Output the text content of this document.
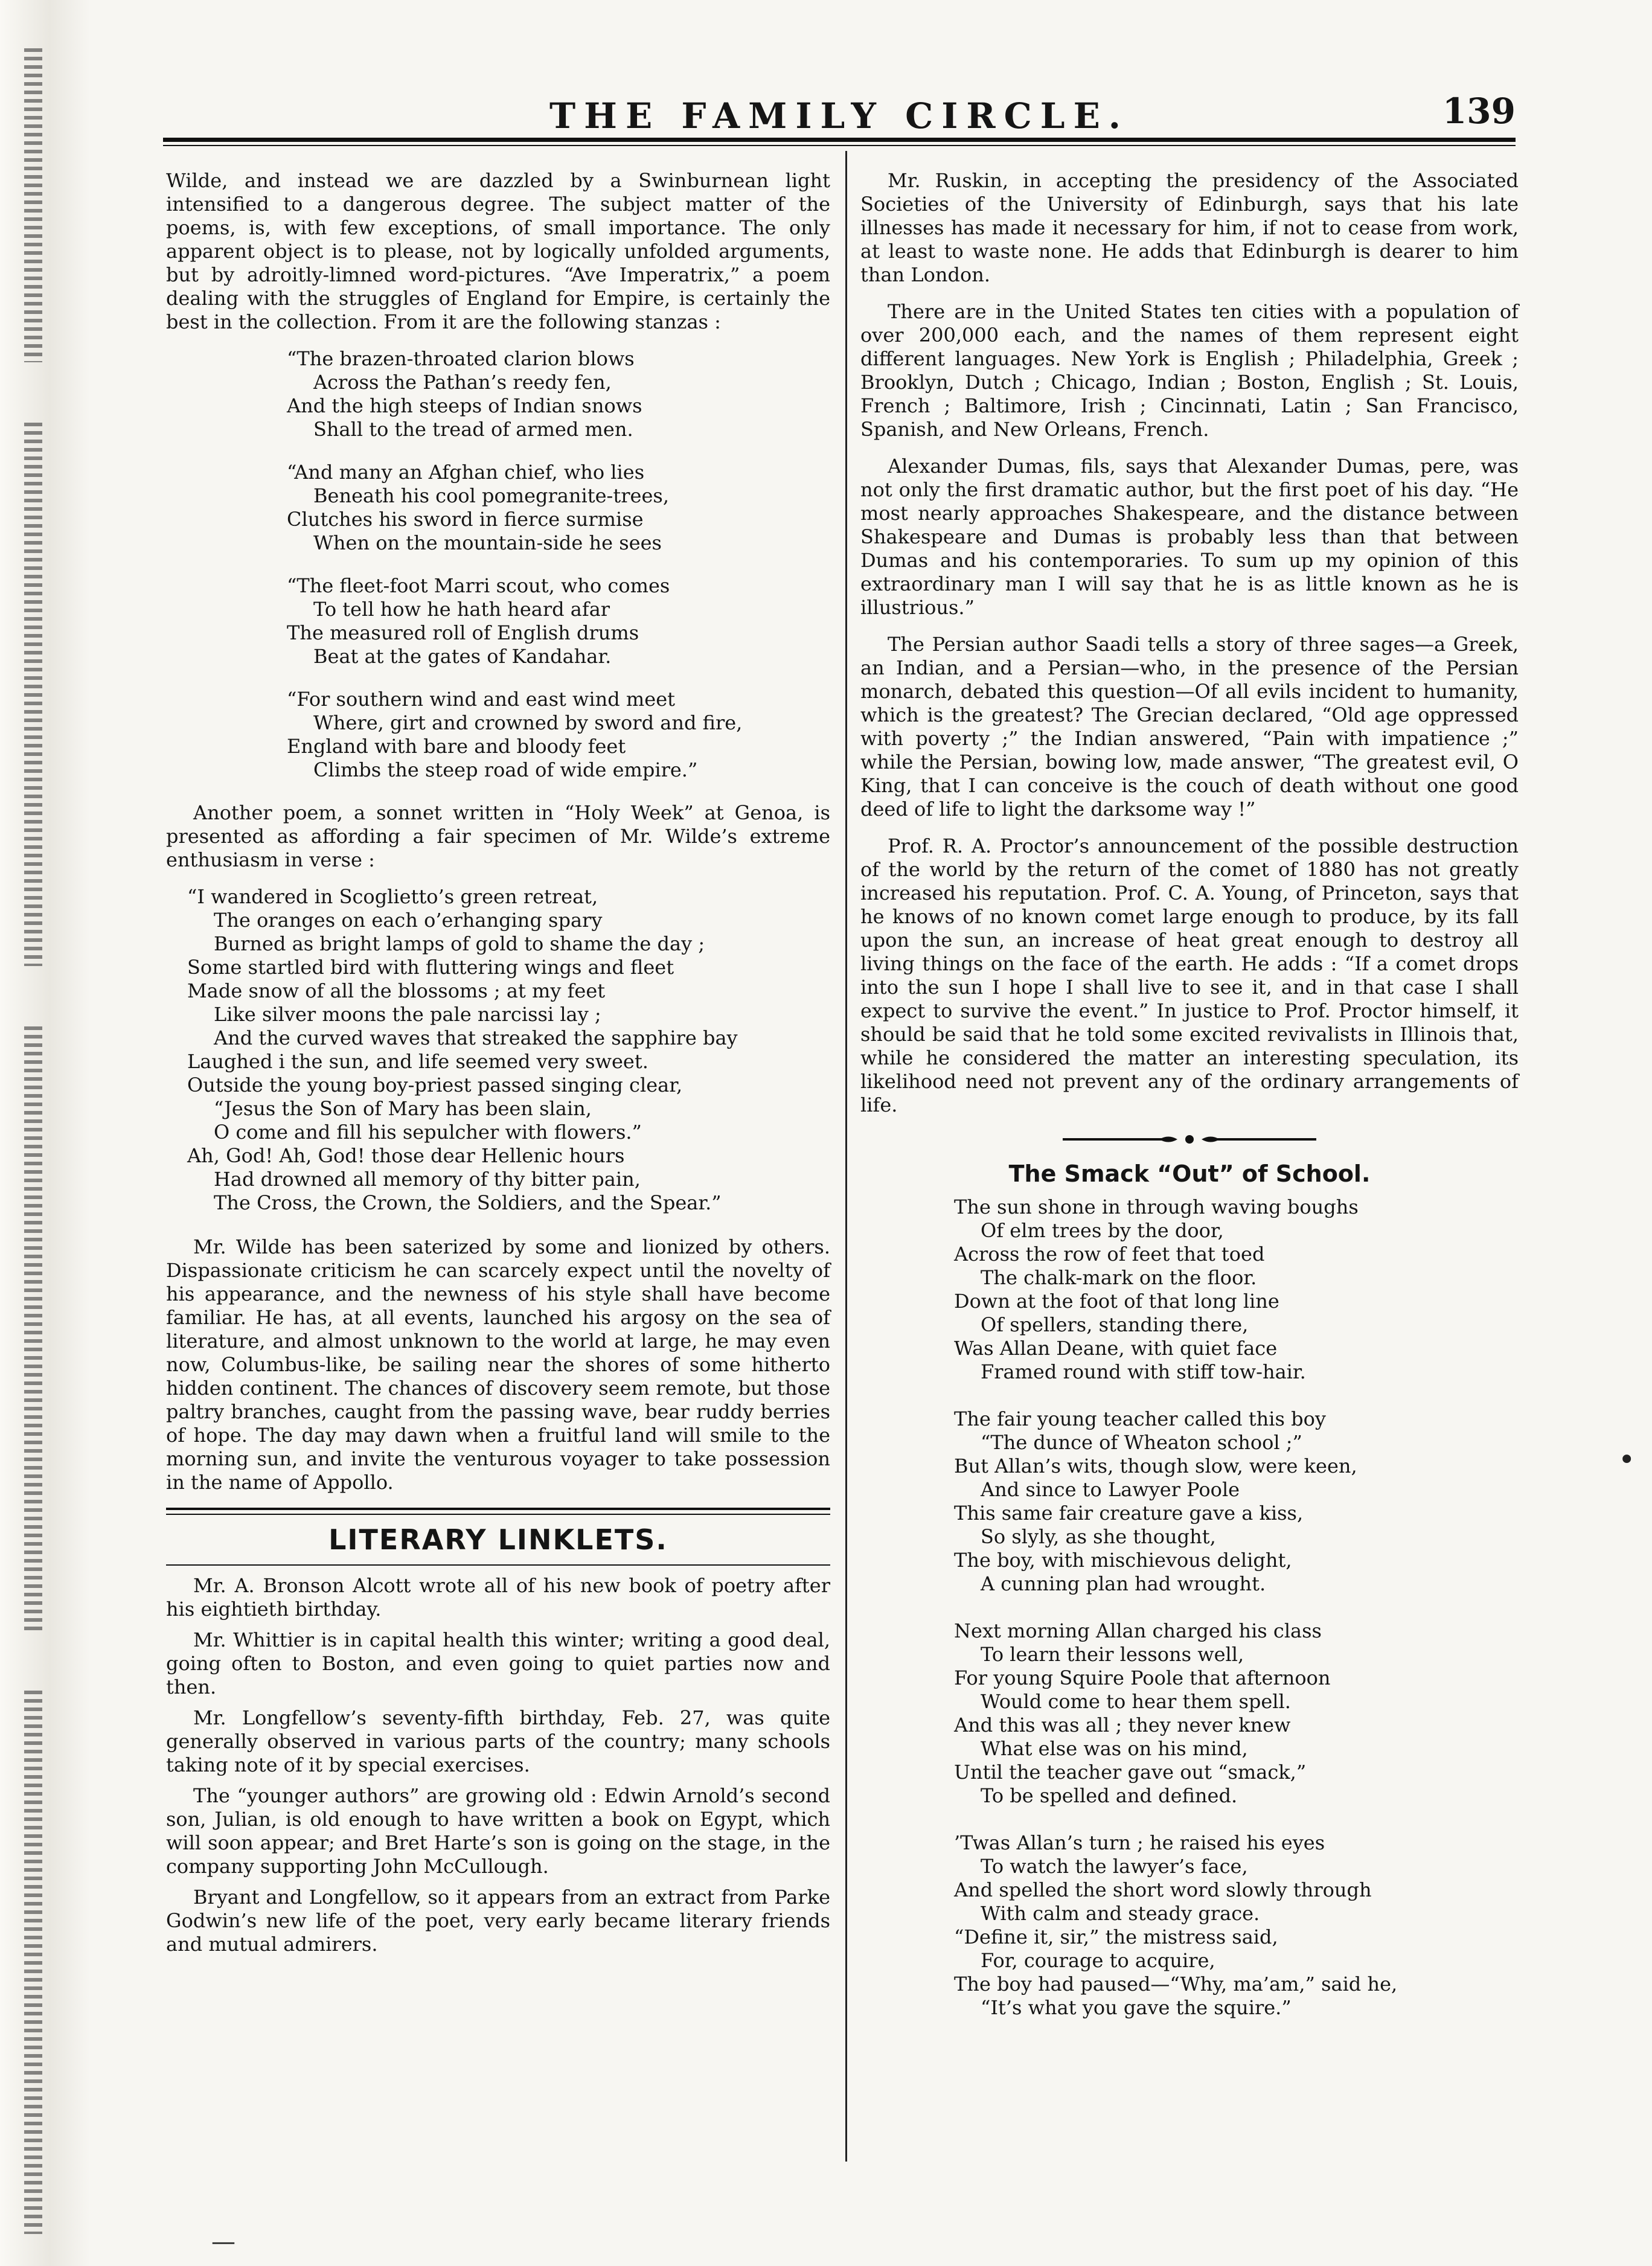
THE FAMILY CIRCLE.	139

Wilde, and instead we are dazzled by a Swinburnean light intensified to a dangerous degree. The subject matter of the poems, is, with few exceptions, of small importance. The only apparent object is to please, not by logically unfolded arguments, but by adroitly-limned word-pictures. “Ave Imperatrix,” a poem dealing with the struggles of England for Empire, is certainly the best in the collection. From it are the following stanzas :

“The brazen-throated clarion blows
Across the Pathan’s reedy fen,
And the high steeps of Indian snows
Shall to the tread of armed men.
“And many an Afghan chief, who lies
Beneath his cool pomegranite-trees,
Clutches his sword in fierce surmise
When on the mountain-side he sees
“The fleet-foot Marri scout, who comes
To tell how he hath heard afar
The measured roll of English drums
Beat at the gates of Kandahar.
“For southern wind and east wind meet
Where, girt and crowned by sword and fire,
England with bare and bloody feet
Climbs the steep road of wide empire.”

Another poem, a sonnet written in “Holy Week” at Genoa, is presented as affording a fair specimen of Mr. Wilde’s extreme enthusiasm in verse :

“I wandered in Scoglietto’s green retreat,
The oranges on each o’erhanging spary
Burned as bright lamps of gold to shame the day ;
Some startled bird with fluttering wings and fleet
Made snow of all the blossoms ; at my feet
Like silver moons the pale narcissi lay ;
And the curved waves that streaked the sapphire bay
Laughed i the sun, and life seemed very sweet.
Outside the young boy-priest passed singing clear,
“Jesus the Son of Mary has been slain,
O come and fill his sepulcher with flowers.”
Ah, God! Ah, God! those dear Hellenic hours
Had drowned all memory of thy bitter pain,
The Cross, the Crown, the Soldiers, and the Spear.”

Mr. Wilde has been saterized by some and lionized by others. Dispassionate criticism he can scarcely expect until the novelty of his appearance, and the newness of his style shall have become familiar. He has, at all events, launched his argosy on the sea of literature, and almost unknown to the world at large, he may even now, Columbus-like, be sailing near the shores of some hitherto hidden continent. The chances of discovery seem remote, but those paltry branches, caught from the passing wave, bear ruddy berries of hope. The day may dawn when a fruitful land will smile to the morning sun, and invite the venturous voyager to take possession in the name of Appollo.

LITERARY LINKLETS.

Mr. A. Bronson Alcott wrote all of his new book of poetry after his eightieth birthday.

Mr. Whittier is in capital health this winter; writing a good deal, going often to Boston, and even going to quiet parties now and then.

Mr. Longfellow’s seventy-fifth birthday, Feb. 27, was quite generally observed in various parts of the country; many schools taking note of it by special exercises.

The “younger authors” are growing old : Edwin Arnold’s second son, Julian, is old enough to have written a book on Egypt, which will soon appear; and Bret Harte’s son is going on the stage, in the company supporting John McCullough.

Bryant and Longfellow, so it appears from an extract from Parke Godwin’s new life of the poet, very early became literary friends and mutual admirers.

Mr. Ruskin, in accepting the presidency of the Associated Societies of the University of Edinburgh, says that his late illnesses has made it necessary for him, if not to cease from work, at least to waste none. He adds that Edinburgh is dearer to him than London.

There are in the United States ten cities with a population of over 200,000 each, and the names of them represent eight different languages. New York is English ; Philadelphia, Greek ; Brooklyn, Dutch ; Chicago, Indian ; Boston, English ; St. Louis, French ; Baltimore, Irish ; Cincinnati, Latin ; San Francisco, Spanish, and New Orleans, French.

Alexander Dumas, fils, says that Alexander Dumas, pere, was not only the first dramatic author, but the first poet of his day. “He most nearly approaches Shakespeare, and the distance between Shakespeare and Dumas is probably less than that between Dumas and his contemporaries. To sum up my opinion of this extraordinary man I will say that he is as little known as he is illustrious.”

The Persian author Saadi tells a story of three sages—a Greek, an Indian, and a Persian—who, in the presence of the Persian monarch, debated this question—Of all evils incident to humanity, which is the greatest? The Grecian declared, “Old age oppressed with poverty ;” the Indian answered, “Pain with impatience ;” while the Persian, bowing low, made answer, “The greatest evil, O King, that I can conceive is the couch of death without one good deed of life to light the darksome way !”

Prof. R. A. Proctor’s announcement of the possible destruction of the world by the return of the comet of 1880 has not greatly increased his reputation. Prof. C. A. Young, of Princeton, says that he knows of no known comet large enough to produce, by its fall upon the sun, an increase of heat great enough to destroy all living things on the face of the earth. He adds : “If a comet drops into the sun I hope I shall live to see it, and in that case I shall expect to survive the event.” In justice to Prof. Proctor himself, it should be said that he told some excited revivalists in Illinois that, while he considered the matter an interesting speculation, its likelihood need not prevent any of the ordinary arrangements of life.

The Smack “Out” of School.
The sun shone in through waving boughs
Of elm trees by the door,
Across the row of feet that toed
The chalk-mark on the floor.
Down at the foot of that long line
Of spellers, standing there,
Was Allan Deane, with quiet face
Framed round with stiff tow-hair.
The fair young teacher called this boy
“The dunce of Wheaton school ;”
But Allan’s wits, though slow, were keen,
And since to Lawyer Poole
This same fair creature gave a kiss,
So slyly, as she thought,
The boy, with mischievous delight,
A cunning plan had wrought.
Next morning Allan charged his class
To learn their lessons well,
For young Squire Poole that afternoon
Would come to hear them spell.
And this was all ; they never knew
What else was on his mind,
Until the teacher gave out “smack,”
To be spelled and defined.
’Twas Allan’s turn ; he raised his eyes
To watch the lawyer’s face,
And spelled the short word slowly through
With calm and steady grace.
“Define it, sir,” the mistress said,
For, courage to acquire,
The boy had paused—“Why, ma’am,” said he,
“It’s what you gave the squire.”
•
—
